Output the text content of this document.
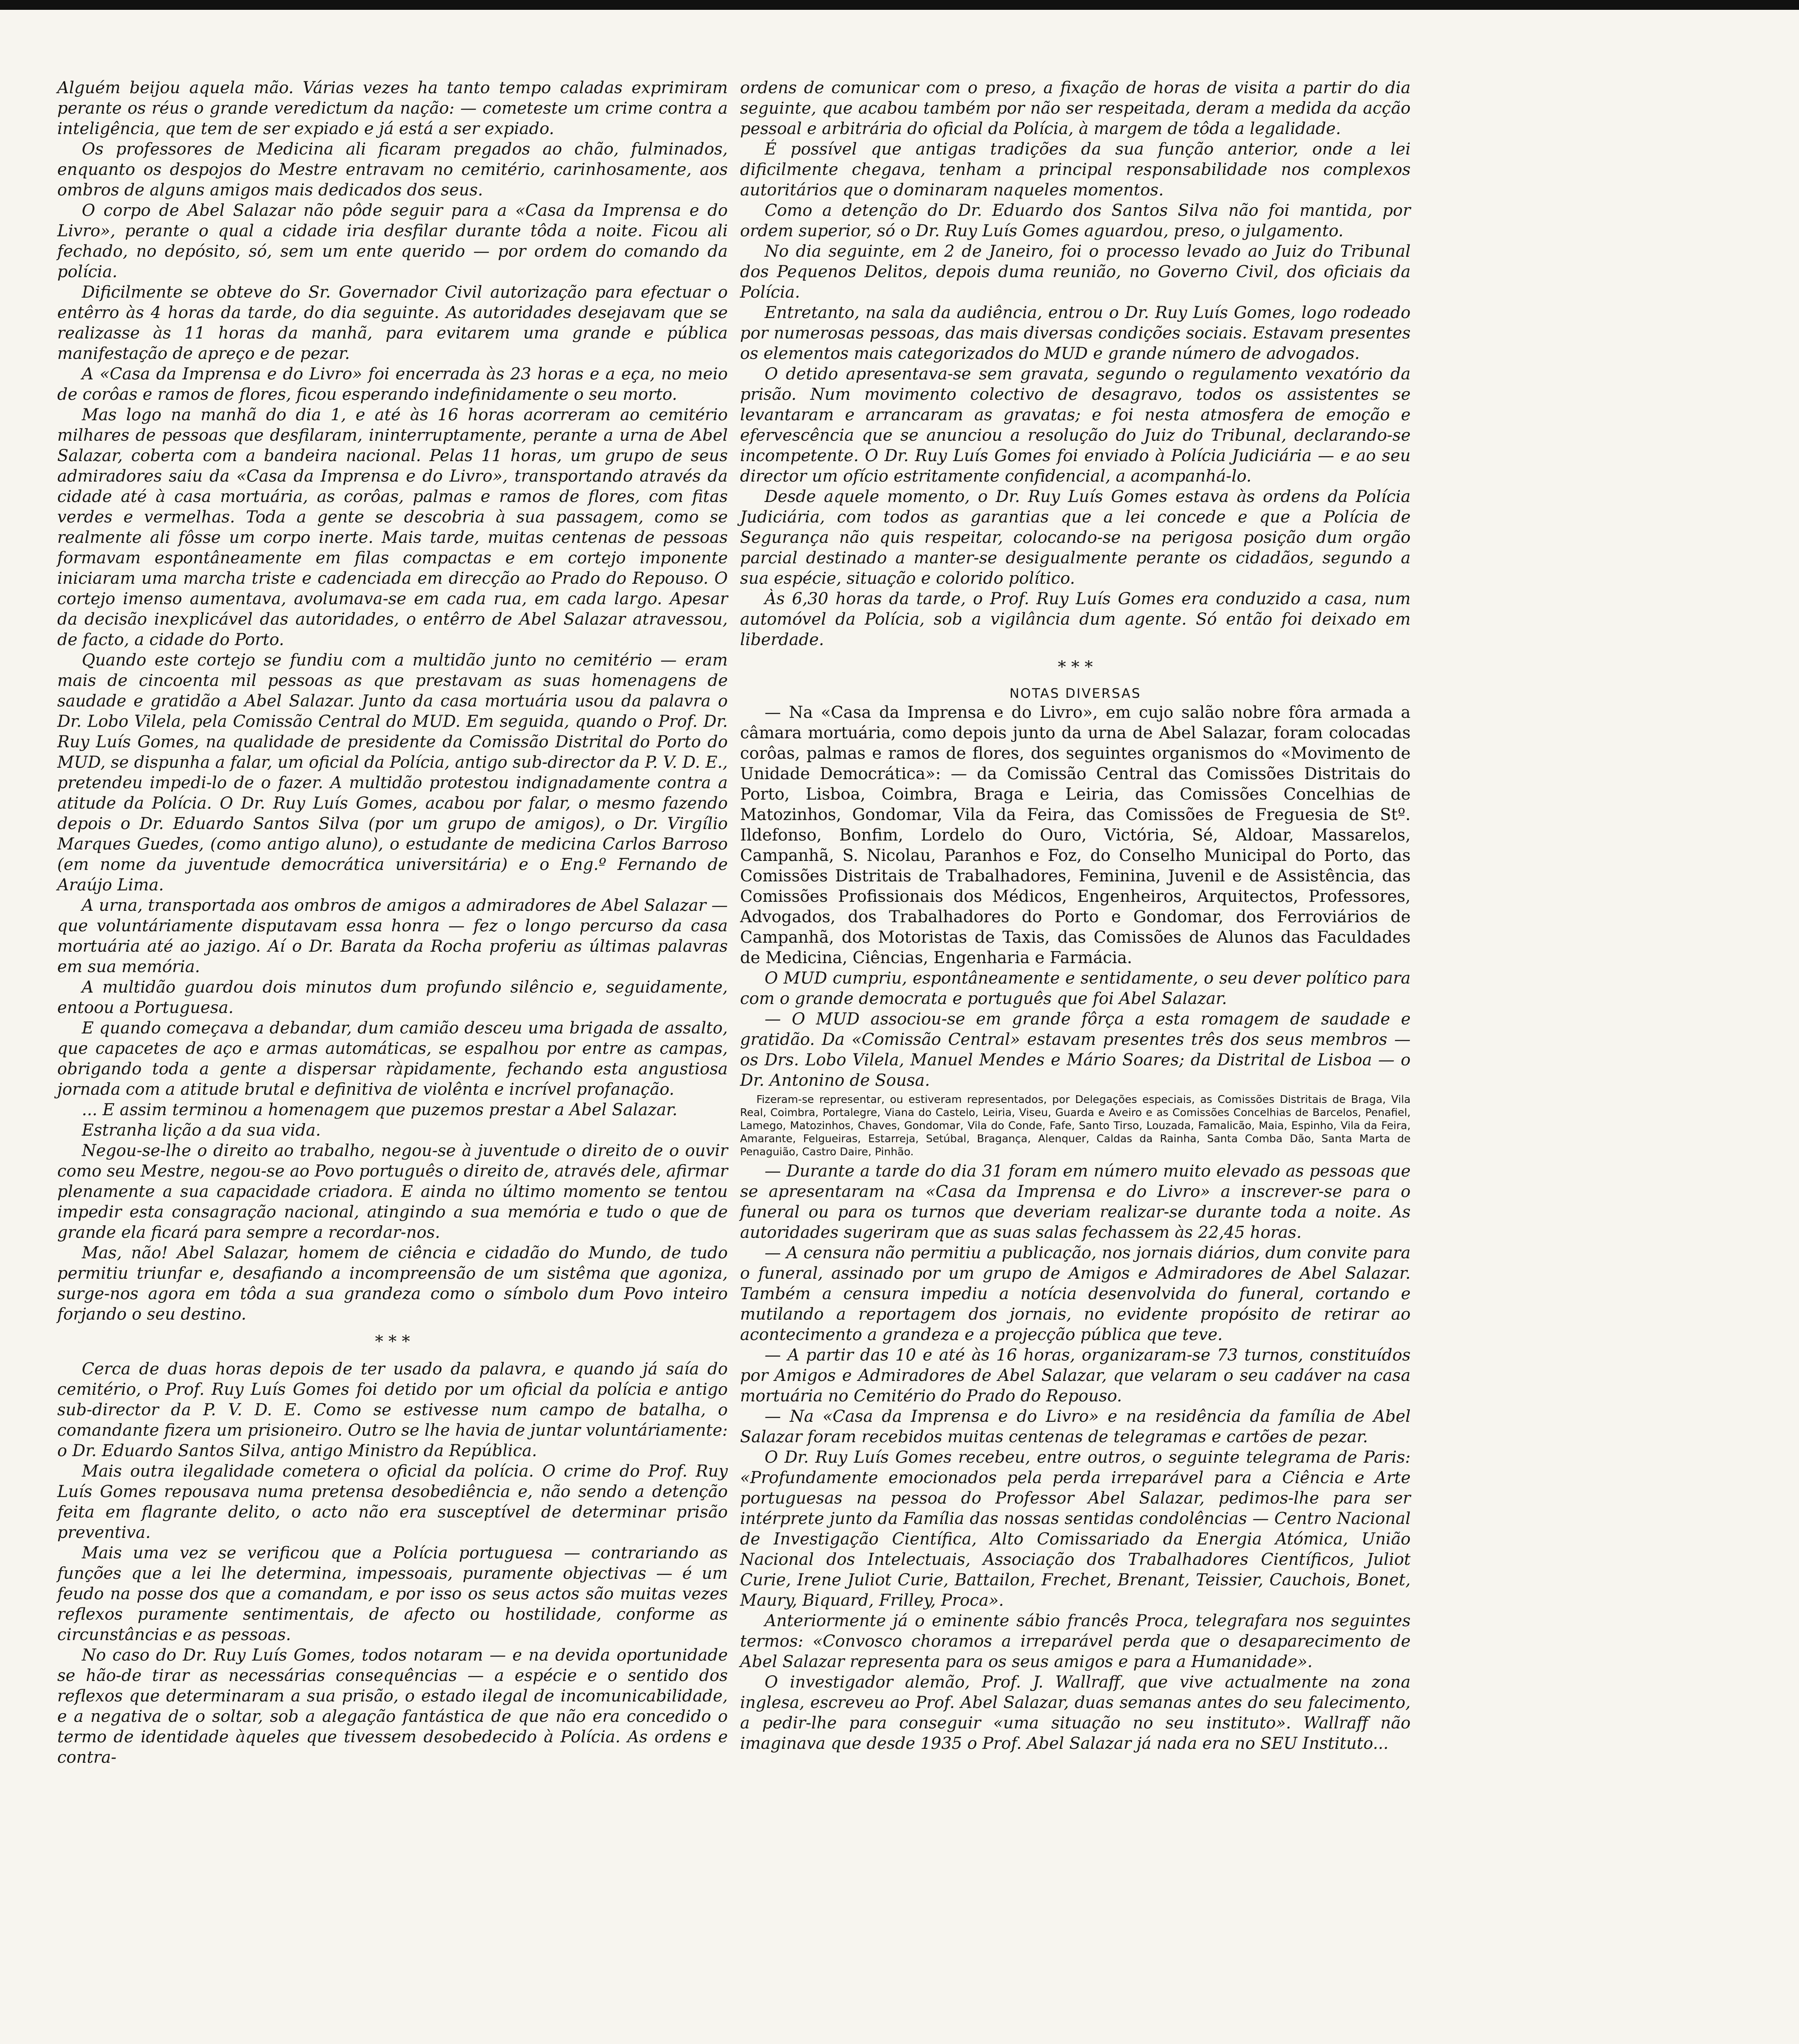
Alguém beijou aquela mão. Várias vezes ha tanto tempo caladas exprimiram perante os réus o grande veredictum da nação: — cometeste um crime contra a inteligência, que tem de ser expiado e já está a ser expiado.

Os professores de Medicina ali ficaram pregados ao chão, fulminados, enquanto os despojos do Mestre entravam no cemitério, carinhosamente, aos ombros de alguns amigos mais dedicados dos seus.

O corpo de Abel Salazar não pôde seguir para a «Casa da Imprensa e do Livro», perante o qual a cidade iria desfilar durante tôda a noite. Ficou ali fechado, no depósito, só, sem um ente querido — por ordem do comando da polícia.

Dificilmente se obteve do Sr. Governador Civil autorização para efectuar o entêrro às 4 horas da tarde, do dia seguinte. As autoridades desejavam que se realizasse às 11 horas da manhã, para evitarem uma grande e pública manifestação de apreço e de pezar.

A «Casa da Imprensa e do Livro» foi encerrada às 23 horas e a eça, no meio de corôas e ramos de flores, ficou esperando indefinidamente o seu morto.

Mas logo na manhã do dia 1, e até às 16 horas acorreram ao cemitério milhares de pessoas que desfilaram, ininterruptamente, perante a urna de Abel Salazar, coberta com a bandeira nacional. Pelas 11 horas, um grupo de seus admiradores saiu da «Casa da Imprensa e do Livro», transportando através da cidade até à casa mortuária, as corôas, palmas e ramos de flores, com fitas verdes e vermelhas. Toda a gente se descobria à sua passagem, como se realmente ali fôsse um corpo inerte. Mais tarde, muitas centenas de pessoas formavam espontâneamente em filas compactas e em cortejo imponente iniciaram uma marcha triste e cadenciada em direcção ao Prado do Repouso. O cortejo imenso aumentava, avolumava-se em cada rua, em cada largo. Apesar da decisão inexplicável das autoridades, o entêrro de Abel Salazar atravessou, de facto, a cidade do Porto.

Quando este cortejo se fundiu com a multidão junto no cemitério — eram mais de cincoenta mil pessoas as que prestavam as suas homenagens de saudade e gratidão a Abel Salazar. Junto da casa mortuária usou da palavra o Dr. Lobo Vilela, pela Comissão Central do MUD. Em seguida, quando o Prof. Dr. Ruy Luís Gomes, na qualidade de presidente da Comissão Distrital do Porto do MUD, se dispunha a falar, um oficial da Polícia, antigo sub-director da P. V. D. E., pretendeu impedi-lo de o fazer. A multidão protestou indignadamente contra a atitude da Polícia. O Dr. Ruy Luís Gomes, acabou por falar, o mesmo fazendo depois o Dr. Eduardo Santos Silva (por um grupo de amigos), o Dr. Virgílio Marques Guedes, (como antigo aluno), o estudante de medicina Carlos Barroso (em nome da juventude democrática universitária) e o Eng.º Fernando de Araújo Lima.

A urna, transportada aos ombros de amigos a admiradores de Abel Salazar — que voluntáriamente disputavam essa honra — fez o longo percurso da casa mortuária até ao jazigo. Aí o Dr. Barata da Rocha proferiu as últimas palavras em sua memória.

A multidão guardou dois minutos dum profundo silêncio e, seguidamente, entoou a Portuguesa.

E quando começava a debandar, dum camião desceu uma brigada de assalto, que capacetes de aço e armas automáticas, se espalhou por entre as campas, obrigando toda a gente a dispersar ràpidamente, fechando esta angustiosa jornada com a atitude brutal e definitiva de violênta e incrível profanação.

... E assim terminou a homenagem que puzemos prestar a Abel Salazar.

Estranha lição a da sua vida.

Negou-se-lhe o direito ao trabalho, negou-se à juventude o direito de o ouvir como seu Mestre, negou-se ao Povo português o direito de, através dele, afirmar plenamente a sua capacidade criadora. E ainda no último momento se tentou impedir esta consagração nacional, atingindo a sua memória e tudo o que de grande ela ficará para sempre a recordar-nos.

Mas, não! Abel Salazar, homem de ciência e cidadão do Mundo, de tudo permitiu triunfar e, desafiando a incompreensão de um sistêma que agoniza, surge-nos agora em tôda a sua grandeza como o símbolo dum Povo inteiro forjando o seu destino.

* * *

Cerca de duas horas depois de ter usado da palavra, e quando já saía do cemitério, o Prof. Ruy Luís Gomes foi detido por um oficial da polícia e antigo sub-director da P. V. D. E. Como se estivesse num campo de batalha, o comandante fizera um prisioneiro. Outro se lhe havia de juntar voluntáriamente: o Dr. Eduardo Santos Silva, antigo Ministro da República.

Mais outra ilegalidade cometera o oficial da polícia. O crime do Prof. Ruy Luís Gomes repousava numa pretensa desobediência e, não sendo a detenção feita em flagrante delito, o acto não era susceptível de determinar prisão preventiva.

Mais uma vez se verificou que a Polícia portuguesa — contrariando as funções que a lei lhe determina, impessoais, puramente objectivas — é um feudo na posse dos que a comandam, e por isso os seus actos são muitas vezes reflexos puramente sentimentais, de afecto ou hostilidade, conforme as circunstâncias e as pessoas.

No caso do Dr. Ruy Luís Gomes, todos notaram — e na devida oportunidade se hão-de tirar as necessárias consequências — a espécie e o sentido dos reflexos que determinaram a sua prisão, o estado ilegal de incomunicabilidade, e a negativa de o soltar, sob a alegação fantástica de que não era concedido o termo de identidade àqueles que tivessem desobedecido à Polícia. As ordens e contra-

ordens de comunicar com o preso, a fixação de horas de visita a partir do dia seguinte, que acabou também por não ser respeitada, deram a medida da acção pessoal e arbitrária do oficial da Polícia, à margem de tôda a legalidade.

É possível que antigas tradições da sua função anterior, onde a lei dificilmente chegava, tenham a principal responsabilidade nos complexos autoritários que o dominaram naqueles momentos.

Como a detenção do Dr. Eduardo dos Santos Silva não foi mantida, por ordem superior, só o Dr. Ruy Luís Gomes aguardou, preso, o julgamento.

No dia seguinte, em 2 de Janeiro, foi o processo levado ao Juiz do Tribunal dos Pequenos Delitos, depois duma reunião, no Governo Civil, dos oficiais da Polícia.

Entretanto, na sala da audiência, entrou o Dr. Ruy Luís Gomes, logo rodeado por numerosas pessoas, das mais diversas condições sociais. Estavam presentes os elementos mais categorizados do MUD e grande número de advogados.

O detido apresentava-se sem gravata, segundo o regulamento vexatório da prisão. Num movimento colectivo de desagravo, todos os assistentes se levantaram e arrancaram as gravatas; e foi nesta atmosfera de emoção e efervescência que se anunciou a resolução do Juiz do Tribunal, declarando-se incompetente. O Dr. Ruy Luís Gomes foi enviado à Polícia Judiciária — e ao seu director um ofício estritamente confidencial, a acompanhá-lo.

Desde aquele momento, o Dr. Ruy Luís Gomes estava às ordens da Polícia Judiciária, com todos as garantias que a lei concede e que a Polícia de Segurança não quis respeitar, colocando-se na perigosa posição dum orgão parcial destinado a manter-se desigualmente perante os cidadãos, segundo a sua espécie, situação e colorido político.

Às 6,30 horas da tarde, o Prof. Ruy Luís Gomes era conduzido a casa, num automóvel da Polícia, sob a vigilância dum agente. Só então foi deixado em liberdade.

* * *
NOTAS DIVERSAS

— Na «Casa da Imprensa e do Livro», em cujo salão nobre fôra armada a câmara mortuária, como depois junto da urna de Abel Salazar, foram colocadas corôas, palmas e ramos de flores, dos seguintes organismos do «Movimento de Unidade Democrática»: — da Comissão Central das Comissões Distritais do Porto, Lisboa, Coimbra, Braga e Leiria, das Comissões Concelhias de Matozinhos, Gondomar, Vila da Feira, das Comissões de Freguesia de Stº. Ildefonso, Bonfim, Lordelo do Ouro, Victória, Sé, Aldoar, Massarelos, Campanhã, S. Nicolau, Paranhos e Foz, do Conselho Municipal do Porto, das Comissões Distritais de Trabalhadores, Feminina, Juvenil e de Assistência, das Comissões Profissionais dos Médicos, Engenheiros, Arquitectos, Professores, Advogados, dos Trabalhadores do Porto e Gondomar, dos Ferroviários de Campanhã, dos Motoristas de Taxis, das Comissões de Alunos das Faculdades de Medicina, Ciências, Engenharia e Farmácia.

O MUD cumpriu, espontâneamente e sentidamente, o seu dever político para com o grande democrata e português que foi Abel Salazar.

— O MUD associou-se em grande fôrça a esta romagem de saudade e gratidão. Da «Comissão Central» estavam presentes três dos seus membros — os Drs. Lobo Vilela, Manuel Mendes e Mário Soares; da Distrital de Lisboa — o Dr. Antonino de Sousa.

Fizeram-se representar, ou estiveram representados, por Delegações especiais, as Comissões Distritais de Braga, Vila Real, Coimbra, Portalegre, Viana do Castelo, Leiria, Viseu, Guarda e Aveiro e as Comissões Concelhias de Barcelos, Penafiel, Lamego, Matozinhos, Chaves, Gondomar, Vila do Conde, Fafe, Santo Tirso, Louzada, Famalicão, Maia, Espinho, Vila da Feira, Amarante, Felgueiras, Estarreja, Setúbal, Bragança, Alenquer, Caldas da Rainha, Santa Comba Dão, Santa Marta de Penaguião, Castro Daire, Pinhão.

— Durante a tarde do dia 31 foram em número muito elevado as pessoas que se apresentaram na «Casa da Imprensa e do Livro» a inscrever-se para o funeral ou para os turnos que deveriam realizar-se durante toda a noite. As autoridades sugeriram que as suas salas fechassem às 22,45 horas.

— A censura não permitiu a publicação, nos jornais diários, dum convite para o funeral, assinado por um grupo de Amigos e Admiradores de Abel Salazar. Também a censura impediu a notícia desenvolvida do funeral, cortando e mutilando a reportagem dos jornais, no evidente propósito de retirar ao acontecimento a grandeza e a projecção pública que teve.

— A partir das 10 e até às 16 horas, organizaram-se 73 turnos, constituídos por Amigos e Admiradores de Abel Salazar, que velaram o seu cadáver na casa mortuária no Cemitério do Prado do Repouso.

— Na «Casa da Imprensa e do Livro» e na residência da família de Abel Salazar foram recebidos muitas centenas de telegramas e cartões de pezar.

O Dr. Ruy Luís Gomes recebeu, entre outros, o seguinte telegrama de Paris: «Profundamente emocionados pela perda irreparável para a Ciência e Arte portuguesas na pessoa do Professor Abel Salazar, pedimos-lhe para ser intérprete junto da Família das nossas sentidas condolências — Centro Nacional de Investigação Científica, Alto Comissariado da Energia Atómica, União Nacional dos Intelectuais, Associação dos Trabalhadores Científicos, Juliot Curie, Irene Juliot Curie, Battailon, Frechet, Brenant, Teissier, Cauchois, Bonet, Maury, Biquard, Frilley, Proca».

Anteriormente já o eminente sábio francês Proca, telegrafara nos seguintes termos: «Convosco choramos a irreparável perda que o desaparecimento de Abel Salazar representa para os seus amigos e para a Humanidade».

O investigador alemão, Prof. J. Wallraff, que vive actualmente na zona inglesa, escreveu ao Prof. Abel Salazar, duas semanas antes do seu falecimento, a pedir-lhe para conseguir «uma situação no seu instituto». Wallraff não imaginava que desde 1935 o Prof. Abel Salazar já nada era no SEU Instituto...
